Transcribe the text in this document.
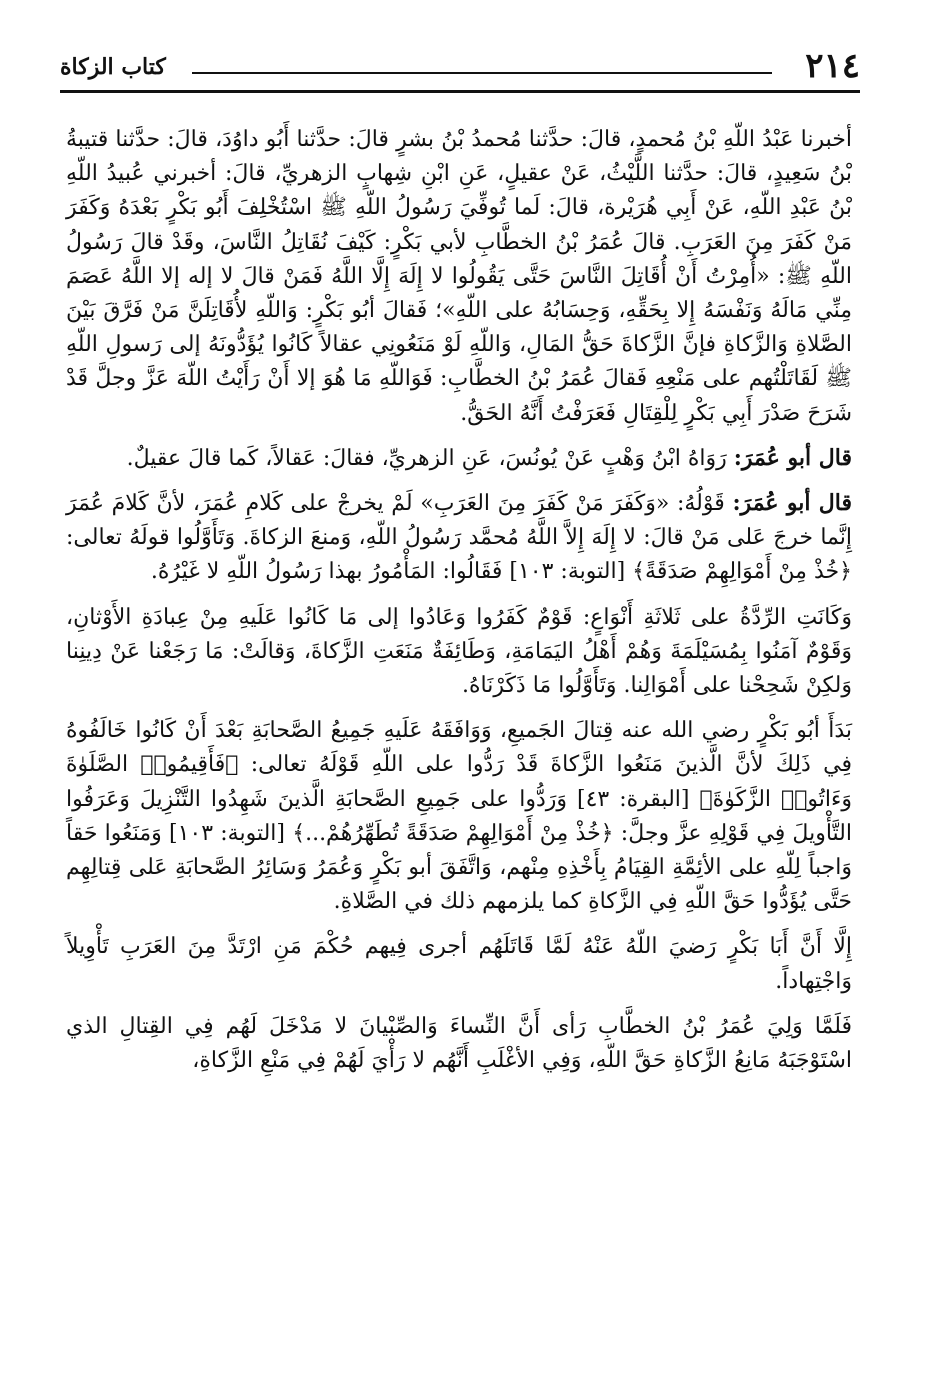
٢١٤
كتاب الزكاة

أخبرنا عَبْدُ اللّهِ بْنُ مُحمدٍ، قالَ: حدَّثنا مُحمدُ بْنُ بشرٍ قالَ: حدَّثنا أَبُو داوُدَ، قالَ: حدَّثنا قتيبةُ بْنُ سَعِيدٍ، قالَ: حدَّثنا اللَّيْثُ، عَنْ عقيلٍ، عَنِ ابْنِ شِهابٍ الزهريِّ، قالَ: أخبرني عُبيدُ اللّهِ بْنُ عَبْدِ اللّهِ، عَنْ أَبِي هُرَيْرة، قالَ: لَما تُوفِّيَ رَسُولُ اللّهِ ﷺ اسْتُخْلِفَ أَبُو بَكْرٍ بَعْدَهُ وَكَفَرَ مَنْ كَفَرَ مِنَ العَرَبِ. قالَ عُمَرُ بْنُ الخطَّابِ لأبي بَكْرٍ: كَيْفَ نُقَاتِلُ النَّاسَ، وقَدْ قالَ رَسُولُ اللّهِ ﷺ: «أُمِرْتُ أَنْ أُقَاتِلَ النَّاسَ حَتَّى يَقُولُوا لا إِلَهَ إِلَّا اللَّهُ فَمَنْ قالَ لا إله إلا اللَّهُ عَصَمَ مِنِّي مَالَهُ وَنَفْسَهُ إِلا بِحَقِّهِ، وَحِسَابُهُ على اللّهِ»؛ فَقالَ أبُو بَكْرٍ: وَاللّهِ لأُقَاتِلَنَّ مَنْ فَرَّقَ بَيْنَ الصَّلاةِ وَالزَّكاةِ فإنَّ الزَّكاةَ حَقُّ المَالِ، وَاللّهِ لَوْ مَنَعُونِي عقالاً كَانُوا يُؤَدُّونَهُ إلى رَسولِ اللّهِ ﷺ لَقَاتَلْتُهم على مَنْعِهِ فَقالَ عُمَرُ بْنُ الخطَّابِ: فَوَاللّهِ مَا هُوَ إلا أَنْ رَأَيْتُ اللّهَ عَزَّ وجلَّ قَدْ شَرَحَ صَدْرَ أَبِي بَكْرٍ لِلْقِتَالِ فَعَرَفْتُ أَنَّهُ الحَقُّ.

قال أبو عُمَرَ: رَوَاهُ ابْنُ وَهْبٍ عَنْ يُونُسَ، عَنِ الزهريِّ، فقالَ: عَقالاً، كَما قالَ عقيلٌ.

قال أبو عُمَرَ: قَوْلُهُ: «وَكَفَرَ مَنْ كَفَرَ مِنَ العَرَبِ» لَمْ يخرجْ على كَلامِ عُمَرَ، لأنَّ كَلامَ عُمَرَ إِنَّما خرجَ عَلى مَنْ قالَ: لا إِلَهَ إِلاَّ اللَّهُ مُحمَّد رَسُولُ اللّهِ، وَمنعَ الزكاةَ. وَتَأَوَّلُوا قولَهُ تعالى: ﴿خُذْ مِنْ أَمْوَالِهِمْ صَدَقَةً﴾ [التوبة: ١٠٣] فَقَالُوا: المَأْمُورُ بهذا رَسُولُ اللّهِ لا غَيْرُهُ.

وَكَانَتِ الرِّدَّةُ على ثَلاثَةِ أَنْوَاعٍ: قَوْمٌ كَفَرُوا وَعَادُوا إلى مَا كَانُوا عَلَيهِ مِنْ عِبادَةِ الأَوْثانِ، وَقَوْمٌ آمَنُوا بِمُسَيْلَمَةَ وَهُمْ أَهْلُ اليَمَامَةِ، وَطَائِفَةٌ مَنَعَتِ الزَّكاةَ، وَقالَتْ: مَا رَجَعْنا عَنْ دِينِنا وَلكِنْ شَحِحْنا على أَمْوَالِنا. وَتَأَوَّلُوا مَا ذَكَرْنَاهُ.

بَدَأَ أبُو بَكْرٍ رضي الله عنه قِتالَ الجَميعِ، وَوَافَقَهُ عَلَيهِ جَمِيعُ الصَّحابَةِ بَعْدَ أَنْ كَانُوا خَالَفُوهُ فِي ذَلِكَ لأنَّ الَّذينَ مَنَعُوا الزَّكاةَ قَدْ رَدُّوا على اللّهِ قَوْلَهُ تعالى: ﴿فَأَقِيمُوا۟ الصَّلَوٰةَ وَءَاتُوا۟ الزَّكَوٰةَ﴾ [البقرة: ٤٣] وَرَدُّوا على جَمِيعِ الصَّحابَةِ الَّذينَ شَهِدُوا التَّنْزِيلَ وَعَرَفُوا التَّأْويلَ فِي قَوْلِهِ عزَّ وجلَّ: ﴿خُذْ مِنْ أَمْوَالِهِمْ صَدَقَةً تُطَهِّرُهُمْ...﴾ [التوبة: ١٠٣] وَمَنَعُوا حَقاً وَاجباً لِلّهِ على الأئِمَّةِ القِيَامُ بِأَخْذِهِ مِنْهم، وَاتَّفَقَ أبو بَكْرٍ وَعُمَرُ وَسَائِرُ الصَّحابَةِ عَلى قِتالِهِم حَتَّى يُؤَدُّوا حَقَّ اللّهِ فِي الزَّكاةِ كما يلزمهم ذلك في الصَّلاةِ.

إِلَّا أَنَّ أَبَا بَكْرٍ رَضيَ اللّهُ عَنْهُ لَمَّا قَاتَلَهُم أجرى فِيهم حُكْمَ مَنِ ارْتَدَّ مِنَ العَرَبِ تَأْوِيلاً وَاجْتِهاداً.

فَلَمَّا وَلِيَ عُمَرُ بْنُ الخطَّابِ رَأى أَنَّ النِّساءَ وَالصِّبْيانَ لا مَدْخَلَ لَهُم فِي القِتالِ الذي اسْتَوْجَبَهُ مَانِعُ الزَّكاةِ حَقَّ اللّهِ، وَفِي الأغْلَبِ أَنَّهُم لا رَأْيَ لَهُمْ فِي مَنْعِ الزَّكاةِ،
